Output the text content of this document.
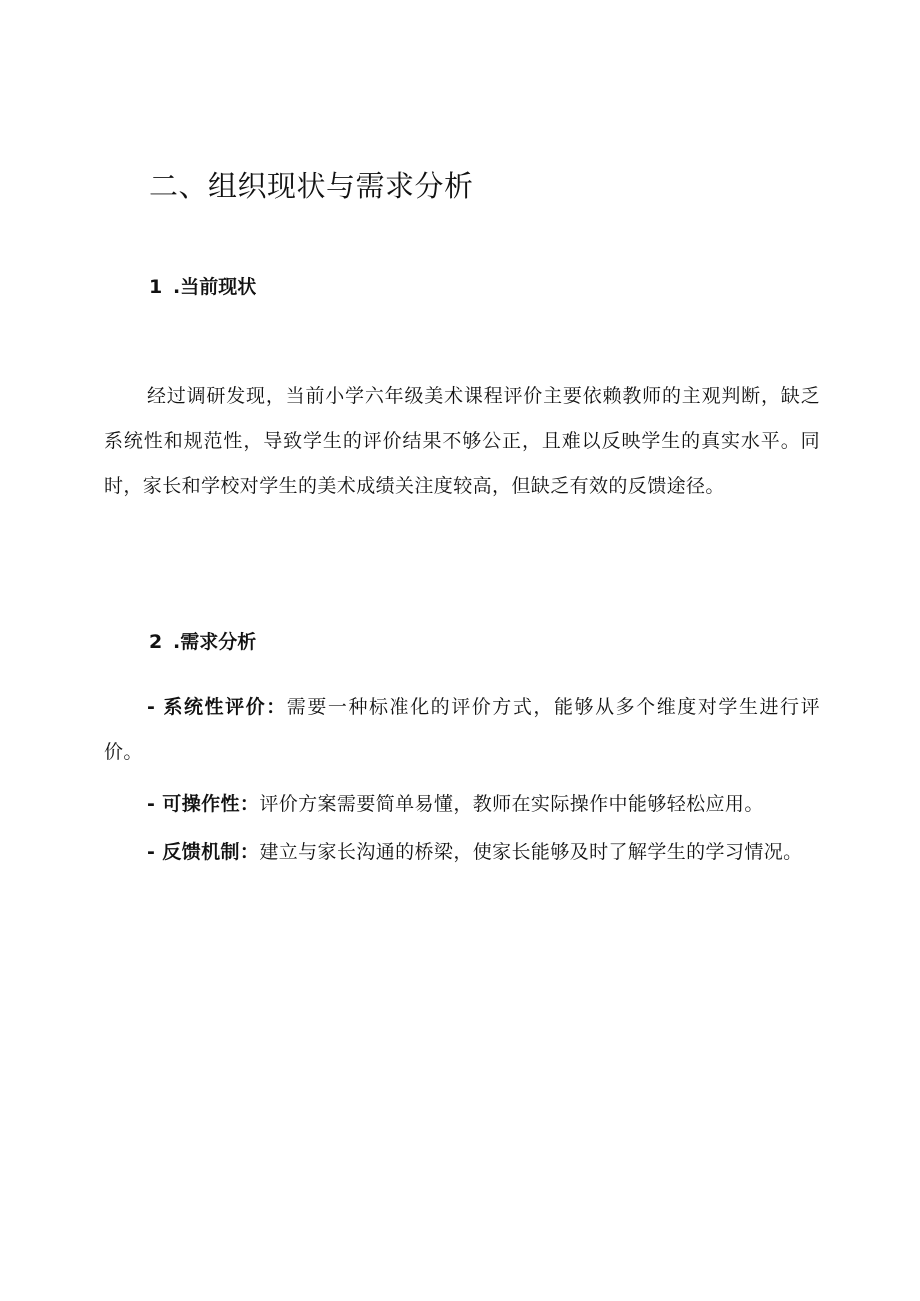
二、组织现状与需求分析
1 .当前现状

经过调研发现，当前小学六年级美术课程评价主要依赖教师的主观判断，缺乏系统性和规范性，导致学生的评价结果不够公正，且难以反映学生的真实水平。同时，家长和学校对学生的美术成绩关注度较高，但缺乏有效的反馈途径。

2 .需求分析

- 系统性评价：需要一种标准化的评价方式，能够从多个维度对学生进行评价。

- 可操作性：评价方案需要简单易懂，教师在实际操作中能够轻松应用。

- 反馈机制：建立与家长沟通的桥梁，使家长能够及时了解学生的学习情况。
